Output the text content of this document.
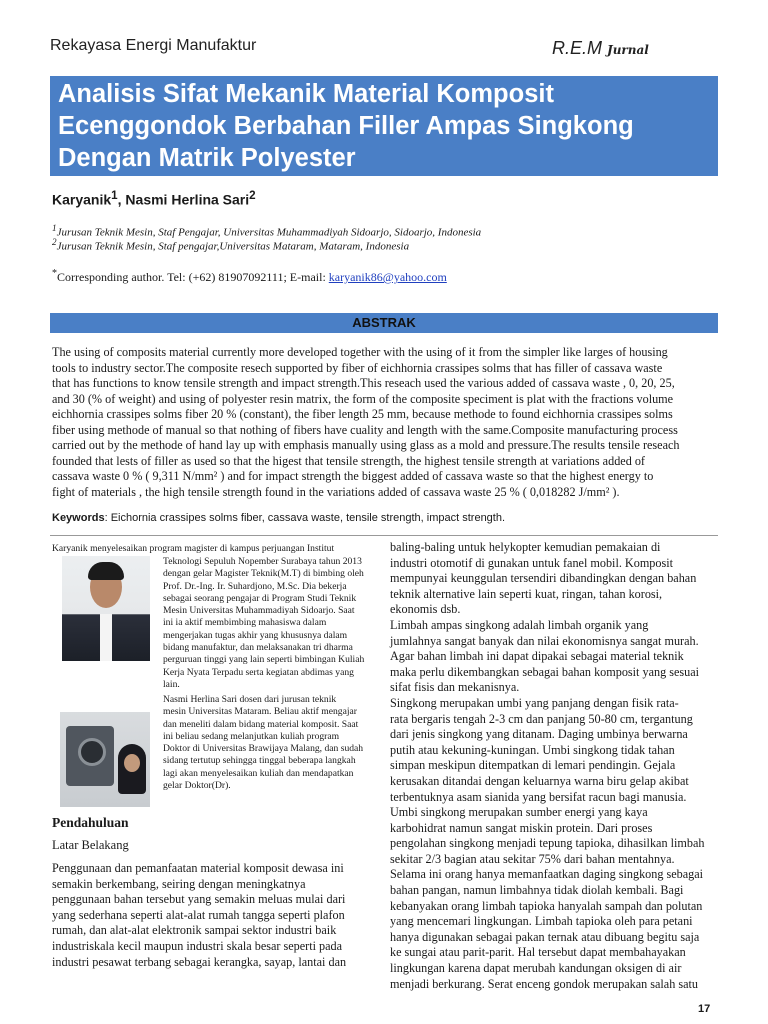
Rekayasa Energi Manufaktur	R.E.M Jurnal
Analisis Sifat Mekanik Material Komposit
Ecenggondok Berbahan Filler Ampas Singkong
Dengan Matrik Polyester
Karyanik$^1$, Nasmi Herlina Sari$^2$
$^1$Jurusan Teknik Mesin, Staf Pengajar, Universitas Muhammadiyah Sidoarjo, Sidoarjo, Indonesia
$^2$Jurusan Teknik Mesin, Staf pengajar,Universitas Mataram, Mataram, Indonesia
*Corresponding author. Tel: (+62) 81907092111; E-mail: karyanik86@yahoo.com
ABSTRAK
The using of composits material currently more developed together with the using of it from the simpler like larges of housing
tools to industry sector.The composite resech supported by fiber of eichhornia crassipes solms that has filler of cassava waste
that has functions to know tensile strength and impact strength.This reseach used the various added of cassava waste , 0, 20, 25,
and 30 (% of weight) and using of polyester resin matrix, the form of the composite speciment is plat with the fractions volume
eichhornia crassipes solms fiber 20 % (constant), the fiber length 25 mm, because methode to found eichhornia crassipes solms
fiber using methode of manual so that nothing of fibers have cuality and length with the same.Composite manufacturing process
carried out by the methode of hand lay up with emphasis manually using glass as a mold and pressure.The results tensile reseach
founded that lests of filler as used so that the higest that tensile strength, the highest tensile strength at variations added of
cassava waste 0 % ( 9,311 N/mm² ) and for impact strength the biggest added of cassava waste so that the highest energy to
fight of materials , the high tensile strength found in the variations added of cassava waste 25 % ( 0,018282 J/mm² ).
Keywords: Eichornia crassipes solms fiber, cassava waste, tensile strength, impact strength.
Karyanik menyelesaikan program magister di kampus perjuangan Institut
Teknologi Sepuluh Nopember Surabaya tahun 2013
dengan gelar Magister Teknik(M.T) di bimbing oleh
Prof. Dr.-Ing. Ir. Suhardjono, M.Sc. Dia bekerja
sebagai seorang pengajar di Program Studi Teknik
Mesin Universitas Muhammadiyah Sidoarjo. Saat
ini ia aktif membimbing mahasiswa dalam
mengerjakan tugas akhir yang khususnya dalam
bidang manufaktur, dan melaksanakan tri dharma
perguruan tinggi yang lain seperti bimbingan Kuliah
Kerja Nyata Terpadu serta kegiatan abdimas yang
lain.
Nasmi Herlina Sari dosen dari jurusan teknik
mesin Universitas Mataram. Beliau aktif mengajar
dan meneliti dalam bidang material komposit. Saat
ini beliau sedang melanjutkan kuliah program
Doktor di Universitas Brawijaya Malang, dan sudah
sidang tertutup sehingga tinggal beberapa langkah
lagi akan menyelesaikan kuliah dan mendapatkan
gelar Doktor(Dr).
Pendahuluan
Latar Belakang
Penggunaan dan pemanfaatan material komposit dewasa ini
semakin berkembang, seiring dengan meningkatnya
penggunaan bahan tersebut yang semakin meluas mulai dari
yang sederhana seperti alat-alat rumah tangga seperti plafon
rumah, dan alat-alat elektronik sampai sektor industri baik
industriskala kecil maupun industri skala besar seperti pada
industri pesawat terbang sebagai kerangka, sayap, lantai dan
baling-baling untuk helykopter kemudian pemakaian di
industri otomotif di gunakan untuk fanel mobil. Komposit
mempunyai keunggulan tersendiri dibandingkan dengan bahan
teknik alternative lain seperti kuat, ringan, tahan korosi,
ekonomis dsb.
Limbah ampas singkong adalah limbah organik yang
jumlahnya sangat banyak dan nilai ekonomisnya sangat murah.
Agar bahan limbah ini dapat dipakai sebagai material teknik
maka perlu dikembangkan sebagai bahan komposit yang sesuai
sifat fisis dan mekanisnya.
Singkong merupakan umbi yang panjang dengan fisik rata-
rata bergaris tengah 2-3 cm dan panjang 50-80 cm, tergantung
dari jenis singkong yang ditanam. Daging umbinya berwarna
putih atau kekuning-kuningan. Umbi singkong tidak tahan
simpan meskipun ditempatkan di lemari pendingin. Gejala
kerusakan ditandai dengan keluarnya warna biru gelap akibat
terbentuknya asam sianida yang bersifat racun bagi manusia.
Umbi singkong merupakan sumber energi yang kaya
karbohidrat namun sangat miskin protein. Dari proses
pengolahan singkong menjadi tepung tapioka, dihasilkan limbah
sekitar 2/3 bagian atau sekitar 75% dari bahan mentahnya.
Selama ini orang hanya memanfaatkan daging singkong sebagai
bahan pangan, namun limbahnya tidak diolah kembali. Bagi
kebanyakan orang limbah tapioka hanyalah sampah dan polutan
yang mencemari lingkungan. Limbah tapioka oleh para petani
hanya digunakan sebagai pakan ternak atau dibuang begitu saja
ke sungai atau parit-parit. Hal tersebut dapat membahayakan
lingkungan karena dapat merubah kandungan oksigen di air
menjadi berkurang. Serat enceng gondok merupakan salah satu
17
